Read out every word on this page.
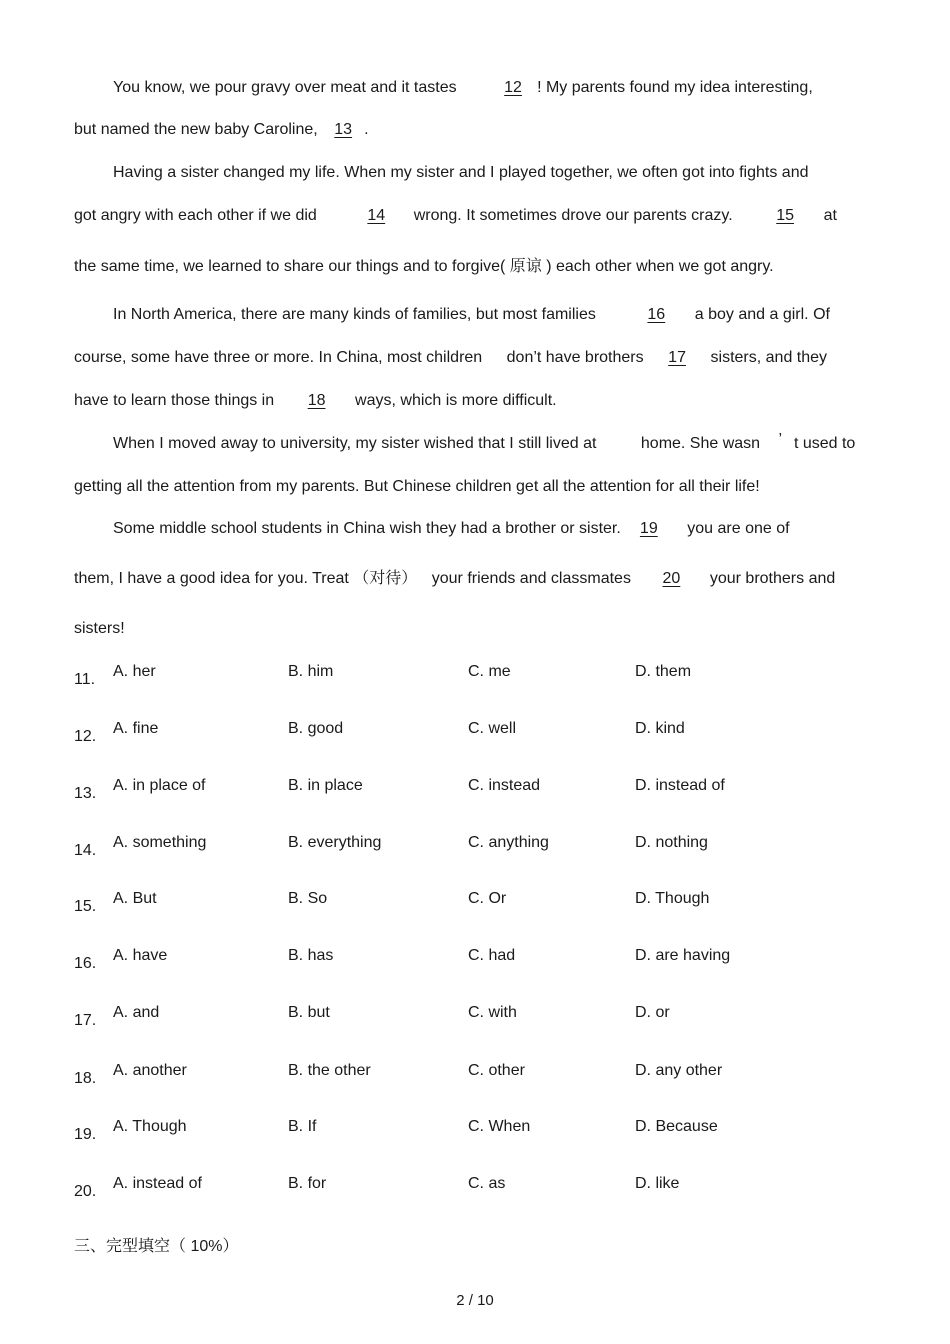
You know, we pour gravy over meat and it tastes	12 ! My parents found my idea interesting,
but named the new baby Caroline, 13 .
Having a sister changed my life. When my sister and I played together, we often got into fights and
got angry with each other if we did	14 wrong. It sometimes drove our parents crazy.	15 at
the same time, we learned to share our things and to forgive( 原谅 ) each other when we got angry.
In North America, there are many kinds of families, but most families	16 a boy and a girl. Of
course, some have three or more. In China, most children don’t have brothers 17 sisters, and they
have to learn those things in 18 ways, which is more difficult.
When I moved away to university, my sister wished that I still lived at	home. She wasn ’ t used to
getting all the attention from my parents. But Chinese children get all the attention for all their life!
Some middle school students in China wish they had a brother or sister. 19 you are one of
them, I have a good idea for you. Treat （对待） your friends and classmates 20 your brothers and
sisters!
11. A. her	B. him	C. me	D. them
12. A. fine	B. good	C. well	D. kind
13. A. in place of	B. in place	C. instead	D. instead of
14. A. something	B. everything	C. anything	D. nothing
15. A. But	B. So	C. Or	D. Though
16. A. have	B. has	C. had	D. are having
17. A. and	B. but	C. with	D. or
18. A. another	B. the other	C. other	D. any other
19. A. Though	B. If	C. When	D. Because
20. A. instead of	B. for	C. as	D. like
三、完型填空（ 10%）
2 / 10
